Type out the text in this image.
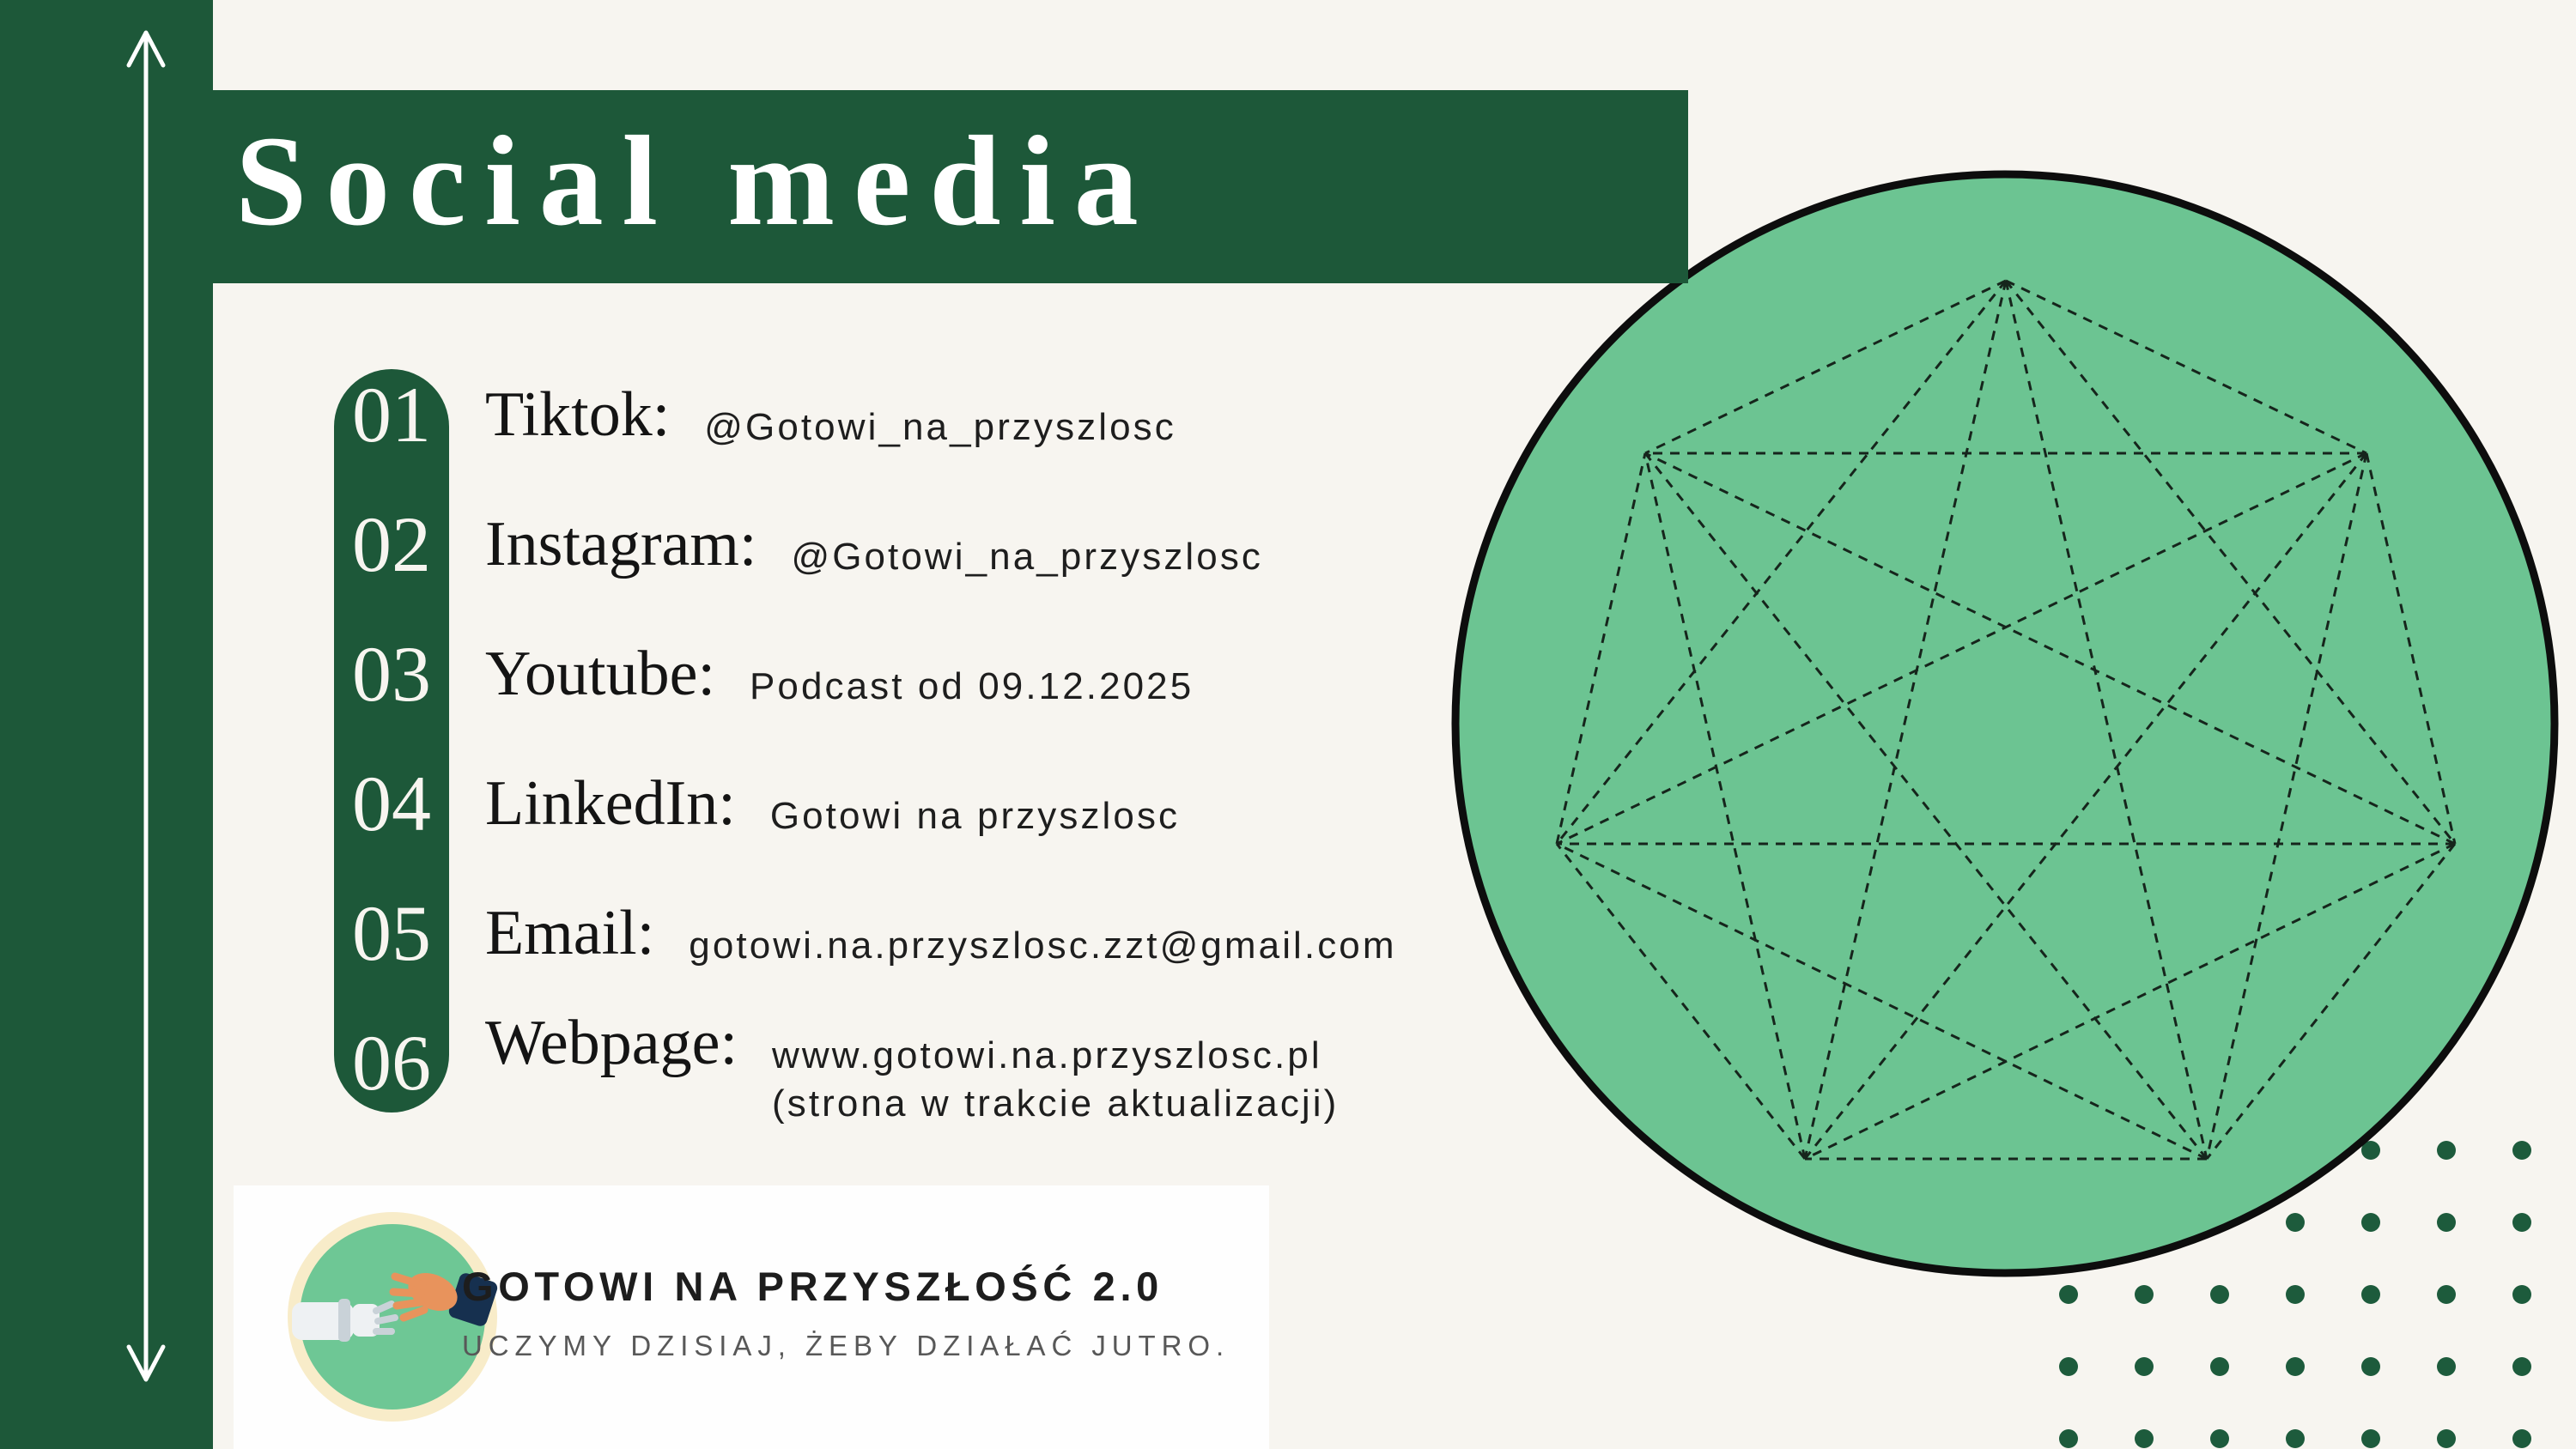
Social media
01
02
03
04
05
06
Tiktok: @Gotowi_na_przyszlosc
Instagram: @Gotowi_na_przyszlosc
Youtube: Podcast od 09.12.2025
LinkedIn: Gotowi na przyszlosc
Email: gotowi.na.przyszlosc.zzt@gmail.com
Webpage: www.gotowi.na.przyszlosc.pl
(strona w trakcie aktualizacji)
GOTOWI NA PRZYSZŁOŚĆ 2.0
UCZYMY DZISIAJ, ŻEBY DZIAŁAĆ JUTRO.
